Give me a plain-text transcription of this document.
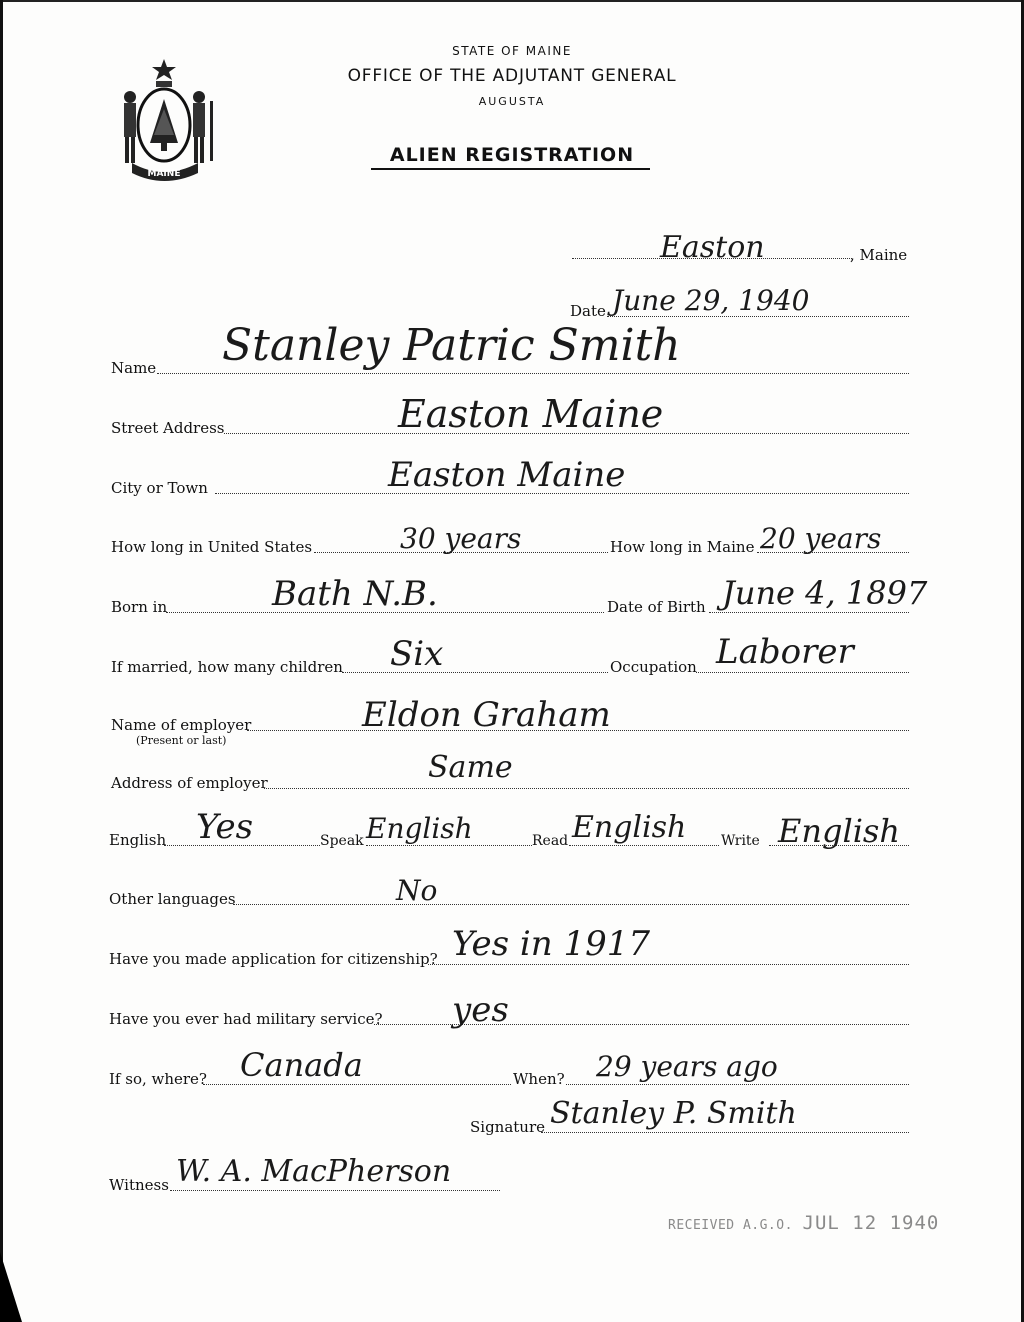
MAINE
STATE OF MAINE
OFFICE OF THE ADJUTANT GENERAL
AUGUSTA
ALIEN REGISTRATION
, Maine
Easton
Date June 29, 1940
Name Stanley Patric Smith
Street Address	Easton Maine
City or Town	Easton Maine
How long in United States	30 years	How long in Maine 20 years
Born in	Bath N.B.	Date of Birth June 4, 1897
If married, how many children Six	Occupation Laborer
Name of employer
(Present or last)
Eldon Graham
Address of employer	Same
English Yes	Speak English	Read English Write English
Other languages	No
Have you made application for citizenship? Yes in 1917
Have you ever had military service? yes
If so, where? Canada	When? 29 years ago
Signature Stanley P. Smith
Witness W. A. MacPherson
RECEIVED A.G.O. JUL 12 1940
